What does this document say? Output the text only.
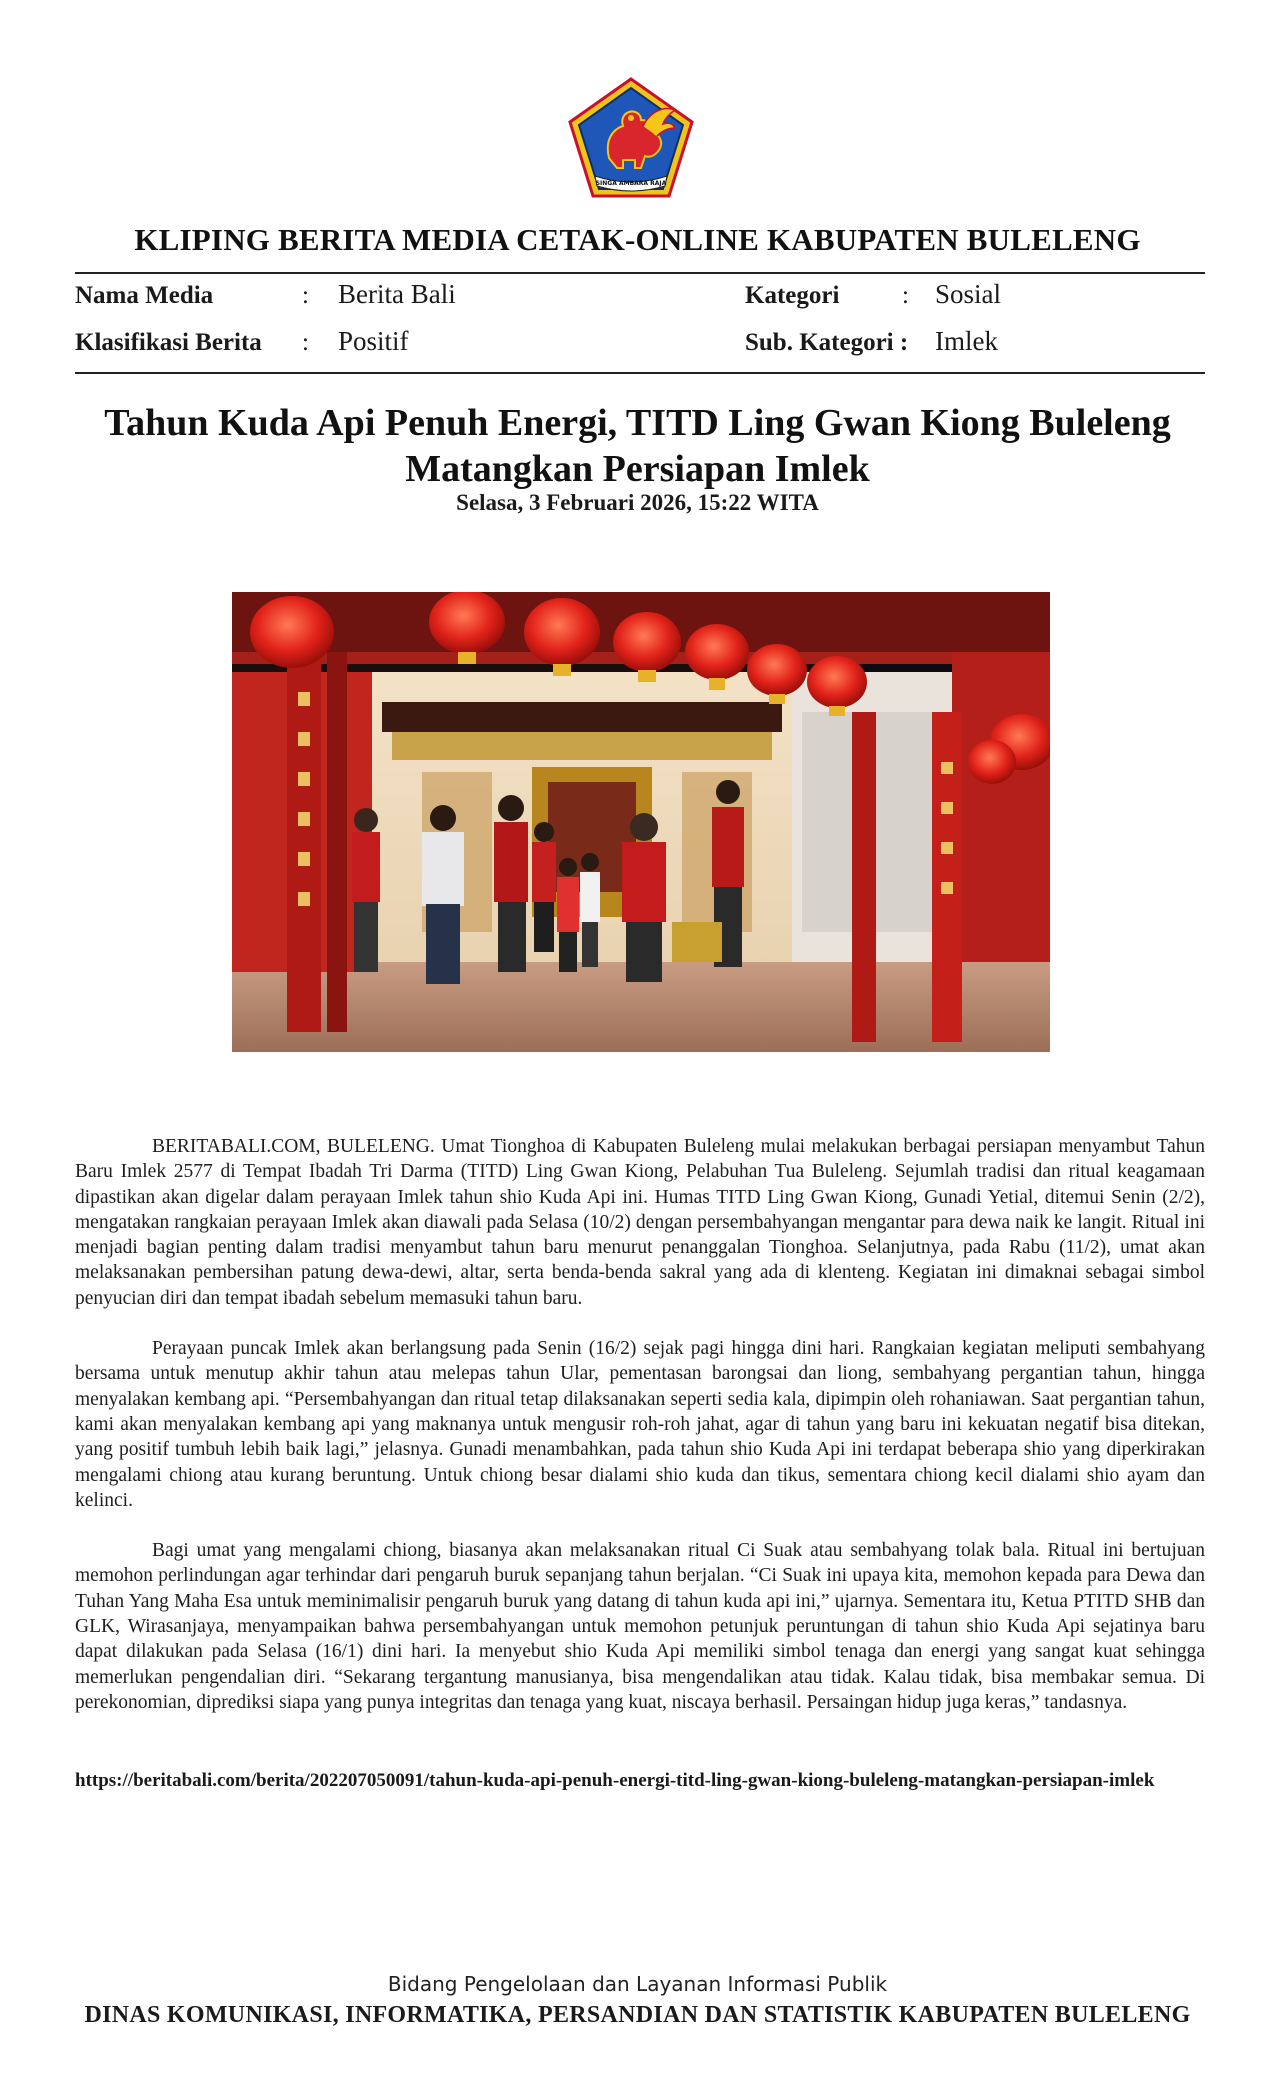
SINGA AMBARA RAJA
KLIPING BERITA MEDIA CETAK-ONLINE KABUPATEN BULELENG
Nama Media	: Berita Bali
Klasifikasi Berita : Positif
Kategori	: Sosial
Sub. Kategori : Imlek
Tahun Kuda Api Penuh Energi, TITD Ling Gwan Kiong Buleleng Matangkan Persiapan Imlek
Selasa, 3 Februari 2026, 15:22 WITA

BERITABALI.COM, BULELENG. Umat Tionghoa di Kabupaten Buleleng mulai melakukan berbagai persiapan menyambut Tahun Baru Imlek 2577 di Tempat Ibadah Tri Darma (TITD) Ling Gwan Kiong, Pelabuhan Tua Buleleng. Sejumlah tradisi dan ritual keagamaan dipastikan akan digelar dalam perayaan Imlek tahun shio Kuda Api ini. Humas TITD Ling Gwan Kiong, Gunadi Yetial, ditemui Senin (2/2), mengatakan rangkaian perayaan Imlek akan diawali pada Selasa (10/2) dengan persembahyangan mengantar para dewa naik ke langit. Ritual ini menjadi bagian penting dalam tradisi menyambut tahun baru menurut penanggalan Tionghoa. Selanjutnya, pada Rabu (11/2), umat akan melaksanakan pembersihan patung dewa-dewi, altar, serta benda-benda sakral yang ada di klenteng. Kegiatan ini dimaknai sebagai simbol penyucian diri dan tempat ibadah sebelum memasuki tahun baru.

Perayaan puncak Imlek akan berlangsung pada Senin (16/2) sejak pagi hingga dini hari. Rangkaian kegiatan meliputi sembahyang bersama untuk menutup akhir tahun atau melepas tahun Ular, pementasan barongsai dan liong, sembahyang pergantian tahun, hingga menyalakan kembang api. “Persembahyangan dan ritual tetap dilaksanakan seperti sedia kala, dipimpin oleh rohaniawan. Saat pergantian tahun, kami akan menyalakan kembang api yang maknanya untuk mengusir roh-roh jahat, agar di tahun yang baru ini kekuatan negatif bisa ditekan, yang positif tumbuh lebih baik lagi,” jelasnya. Gunadi menambahkan, pada tahun shio Kuda Api ini terdapat beberapa shio yang diperkirakan mengalami chiong atau kurang beruntung. Untuk chiong besar dialami shio kuda dan tikus, sementara chiong kecil dialami shio ayam dan kelinci.

Bagi umat yang mengalami chiong, biasanya akan melaksanakan ritual Ci Suak atau sembahyang tolak bala. Ritual ini bertujuan memohon perlindungan agar terhindar dari pengaruh buruk sepanjang tahun berjalan. “Ci Suak ini upaya kita, memohon kepada para Dewa dan Tuhan Yang Maha Esa untuk meminimalisir pengaruh buruk yang datang di tahun kuda api ini,” ujarnya. Sementara itu, Ketua PTITD SHB dan GLK, Wirasanjaya, menyampaikan bahwa persembahyangan untuk memohon petunjuk peruntungan di tahun shio Kuda Api sejatinya baru dapat dilakukan pada Selasa (16/1) dini hari. Ia menyebut shio Kuda Api memiliki simbol tenaga dan energi yang sangat kuat sehingga memerlukan pengendalian diri. “Sekarang tergantung manusianya, bisa mengendalikan atau tidak. Kalau tidak, bisa membakar semua. Di perekonomian, diprediksi siapa yang punya integritas dan tenaga yang kuat, niscaya berhasil. Persaingan hidup juga keras,” tandasnya.

https://beritabali.com/berita/202207050091/tahun-kuda-api-penuh-energi-titd-ling-gwan-kiong-buleleng-matangkan-persiapan-imlek
Bidang Pengelolaan dan Layanan Informasi Publik
DINAS KOMUNIKASI, INFORMATIKA, PERSANDIAN DAN STATISTIK KABUPATEN BULELENG
